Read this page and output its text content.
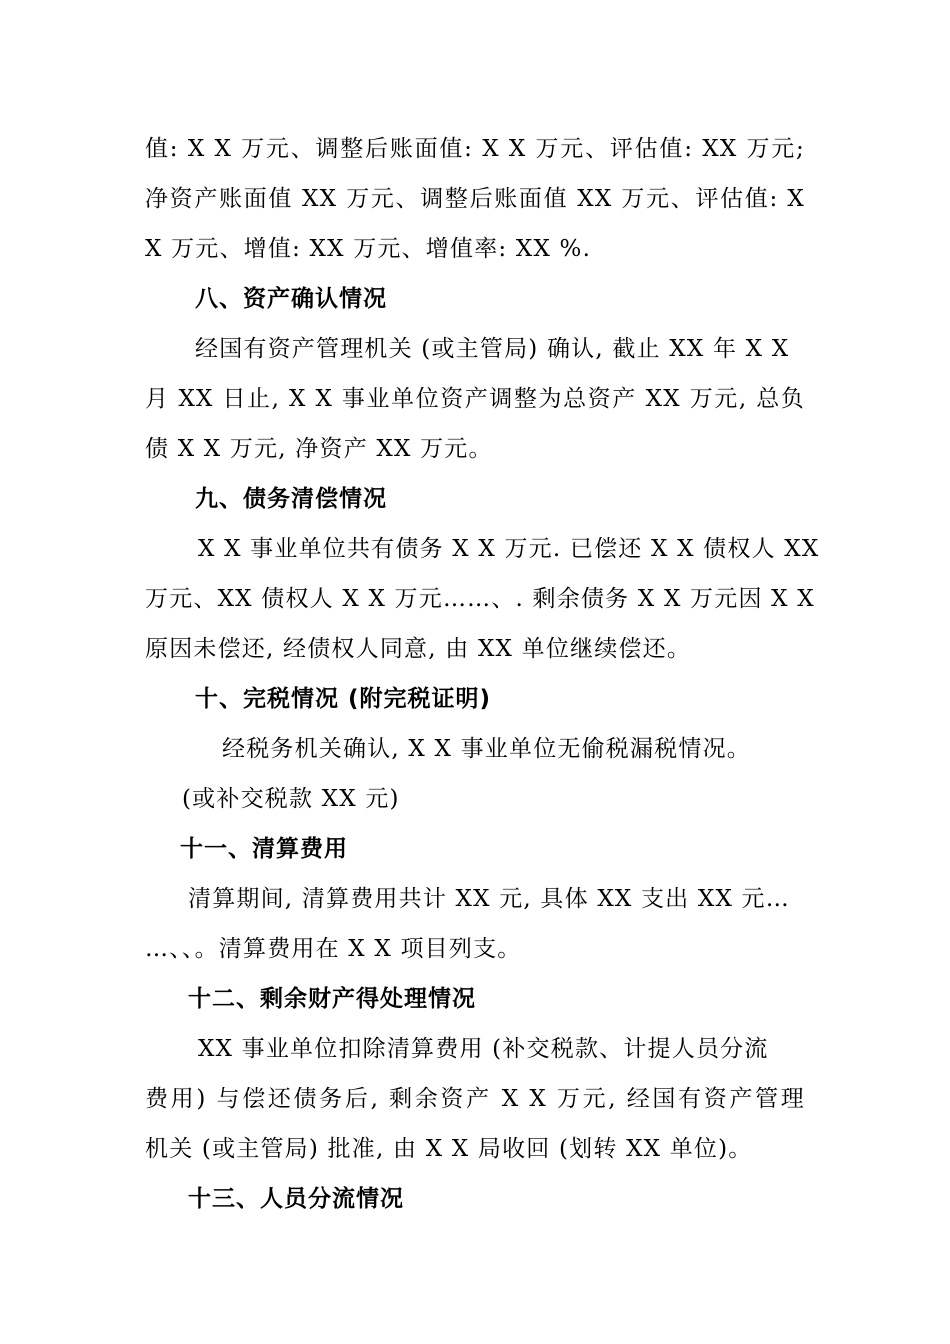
值: X X 万元、调整后账面值: X X 万元、评估值: XX 万元;
净资产账面值 XX 万元、调整后账面值 XX 万元、评估值: X
X 万元、增值: XX 万元、增值率: XX %.
八、资产确认情况
经国有资产管理机关 (或主管局) 确认, 截止 XX 年 X X
月 XX 日止, X X 事业单位资产调整为总资产 XX 万元, 总负
债 X X 万元, 净资产 XX 万元。
九、债务清偿情况
X X 事业单位共有债务 X X 万元. 已偿还 X X 债权人 XX
万元、XX 债权人 X X 万元……、. 剩余债务 X X 万元因 X X
原因未偿还, 经债权人同意, 由 XX 单位继续偿还。
十、完税情况 (附完税证明)
经税务机关确认, X X 事业单位无偷税漏税情况。
(或补交税款 XX 元)
十一、清算费用
清算期间, 清算费用共计 XX 元, 具体 XX 支出 XX 元…
…、、。清算费用在 X X 项目列支。
十二、剩余财产得处理情况
XX 事业单位扣除清算费用 (补交税款、计提人员分流
费用) 与偿还债务后, 剩余资产 X X 万元, 经国有资产管理
机关 (或主管局) 批准, 由 X X 局收回 (划转 XX 单位)。
十三、人员分流情况
